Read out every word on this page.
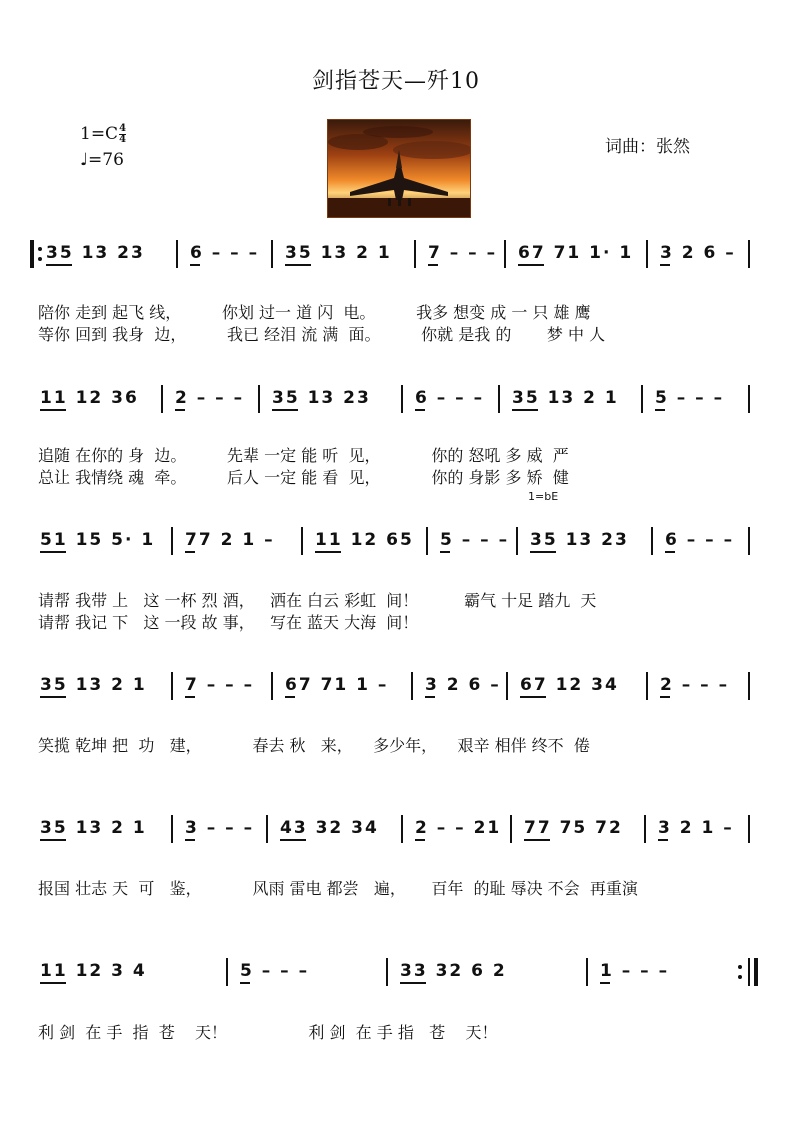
剑指苍天—歼10
$1=C \frac{4}{4}$
♩=76
词曲：张然
35 13 23	6 – – – 35 13 2 1 7 – – – 67 71 1· 1 3 2 6 –
陪你 走到 起飞 线，        你划 过一 道 闪  电。        我多 想变 成 一 只 雄 鹰
等你 回到 我身  边，        我已 经泪 流 满  面。        你就 是我 的       梦 中 人
11 12 36 2 – – – 35 13 23	6 – – – 35 13 2 1 5 – – –
追随 在你的 身  边。        先辈 一定 能 听  见，          你的 怒吼 多 威  严
总让 我情绕 魂  牵。        后人 一定 能 看  见，          你的 身影 多 矫  健
51 15 5· 1 77 2 1 – 11 12 65 5 – – – 35 13 23 6 – – –
请帮 我带 上   这 一杯 烈 酒，   洒在 白云 彩虹  间！         霸气 十足 踏九  天
请帮 我记 下   这 一段 故 事，   写在 蓝天 大海  间！
35 13 2 1 7 – – – 67 71 1 – 3 2 6 – 67 12 34 2 – – –
笑揽 乾坤 把  功   建，          春去 秋   来，    多少年，    艰辛 相伴 终不  倦
35 13 2 1 3 – – – 43 32 34 2 – – 21 77 75 72 3 2 1 –
报国 壮志 天  可   鉴，          风雨 雷电 都尝   遍，     百年  的耻 辱决 不会  再重演
11 12 3 4	5 – – –	33 32 6 2	1 – – –
利 剑  在 手  指  苍    天！                利 剑  在 手 指   苍    天！
1=bE
